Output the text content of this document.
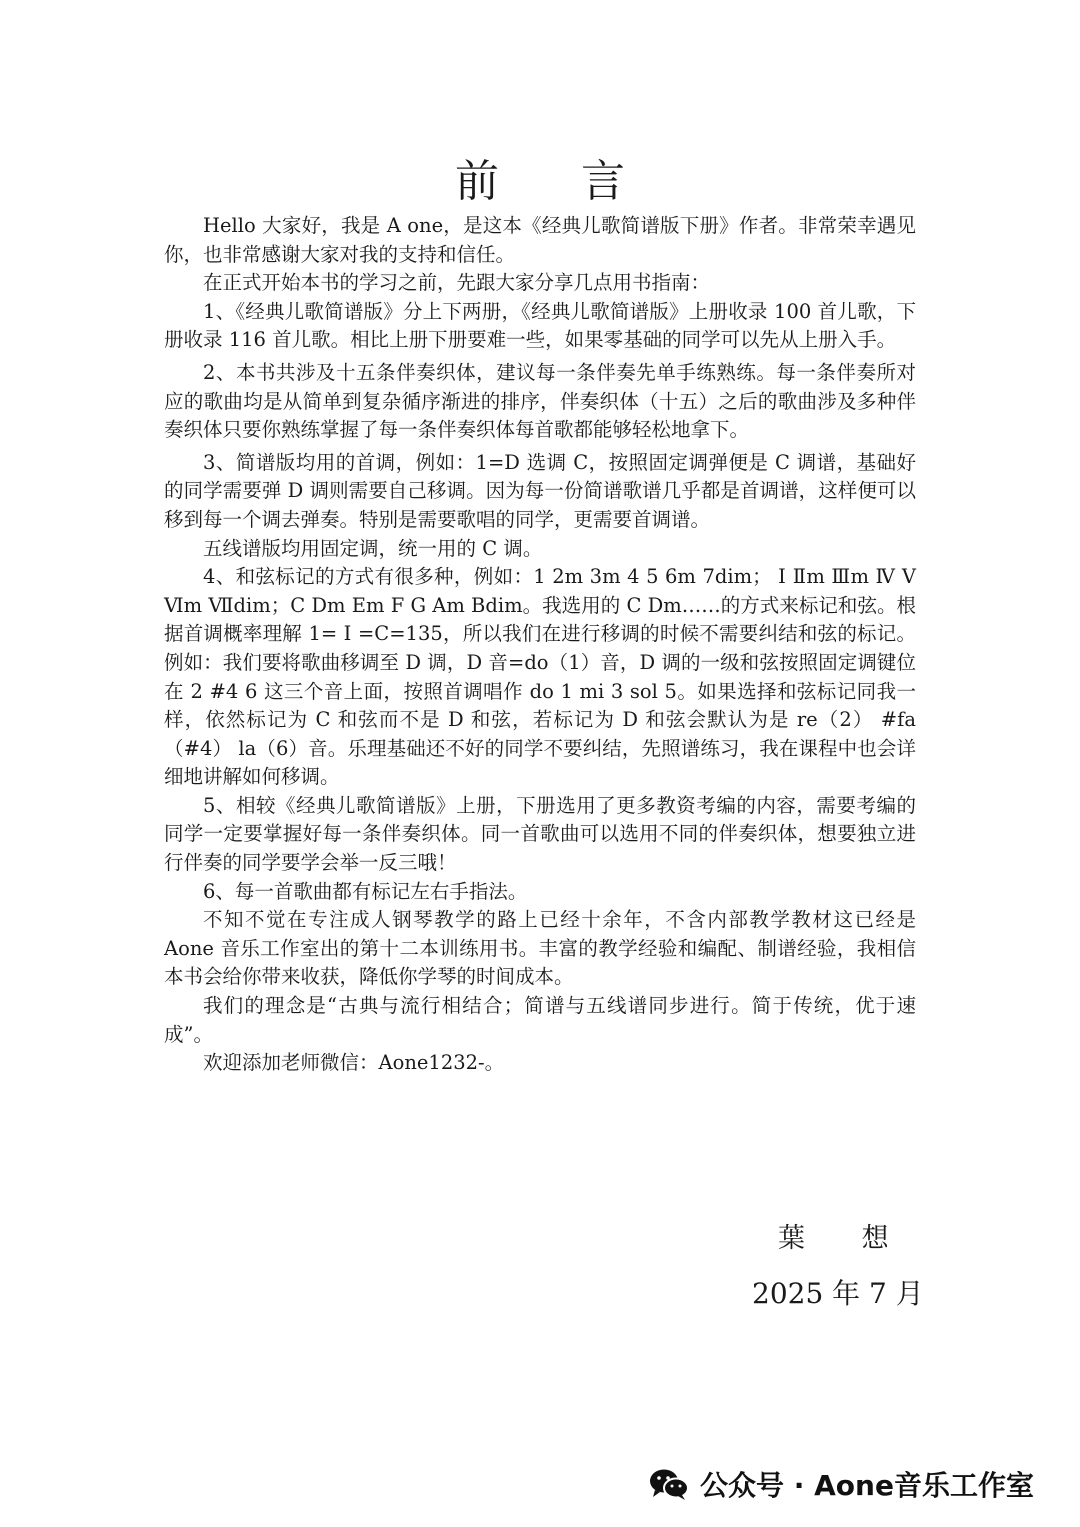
前 言

Hello 大家好，我是 A one，是这本《经典儿歌简谱版下册》作者。非常荣幸遇见你，也非常感谢大家对我的支持和信任。

在正式开始本书的学习之前，先跟大家分享几点用书指南：

1、《经典儿歌简谱版》分上下两册，《经典儿歌简谱版》上册收录 100 首儿歌，下册收录 116 首儿歌。相比上册下册要难一些，如果零基础的同学可以先从上册入手。

2、本书共涉及十五条伴奏织体，建议每一条伴奏先单手练熟练。每一条伴奏所对应的歌曲均是从简单到复杂循序渐进的排序，伴奏织体（十五）之后的歌曲涉及多种伴奏织体只要你熟练掌握了每一条伴奏织体每首歌都能够轻松地拿下。

3、简谱版均用的首调，例如：1=D 选调 C，按照固定调弹便是 C 调谱，基础好的同学需要弹 D 调则需要自己移调。因为每一份简谱歌谱几乎都是首调谱，这样便可以移到每一个调去弹奏。特别是需要歌唱的同学，更需要首调谱。

五线谱版均用固定调，统一用的 C 调。

4、和弦标记的方式有很多种，例如：1 2m 3m 4 5 6m 7dim； Ⅰ Ⅱm Ⅲm Ⅳ Ⅴ Ⅵm Ⅶdim；C Dm Em F G Am Bdim。我选用的 C Dm……的方式来标记和弦。根据首调概率理解 1= Ⅰ =C=135，所以我们在进行移调的时候不需要纠结和弦的标记。例如：我们要将歌曲移调至 D 调，D 音=do（1）音，D 调的一级和弦按照固定调键位在 2 #4 6 这三个音上面，按照首调唱作 do 1 mi 3 sol 5。如果选择和弦标记同我一样，依然标记为 C 和弦而不是 D 和弦，若标记为 D 和弦会默认为是 re（2） #fa（#4） la（6）音。乐理基础还不好的同学不要纠结，先照谱练习，我在课程中也会详细地讲解如何移调。

5、相较《经典儿歌简谱版》上册，下册选用了更多教资考编的内容，需要考编的同学一定要掌握好每一条伴奏织体。同一首歌曲可以选用不同的伴奏织体，想要独立进行伴奏的同学要学会举一反三哦！

6、每一首歌曲都有标记左右手指法。

不知不觉在专注成人钢琴教学的路上已经十余年，不含内部教学教材这已经是 Aone 音乐工作室出的第十二本训练用书。丰富的教学经验和编配、制谱经验，我相信本书会给你带来收获，降低你学琴的时间成本。

我们的理念是“古典与流行相结合；简谱与五线谱同步进行。简于传统，优于速成”。

欢迎添加老师微信：Aone1232-。

葉 想
2025 年 7 月
公众号 · Aone音乐工作室
